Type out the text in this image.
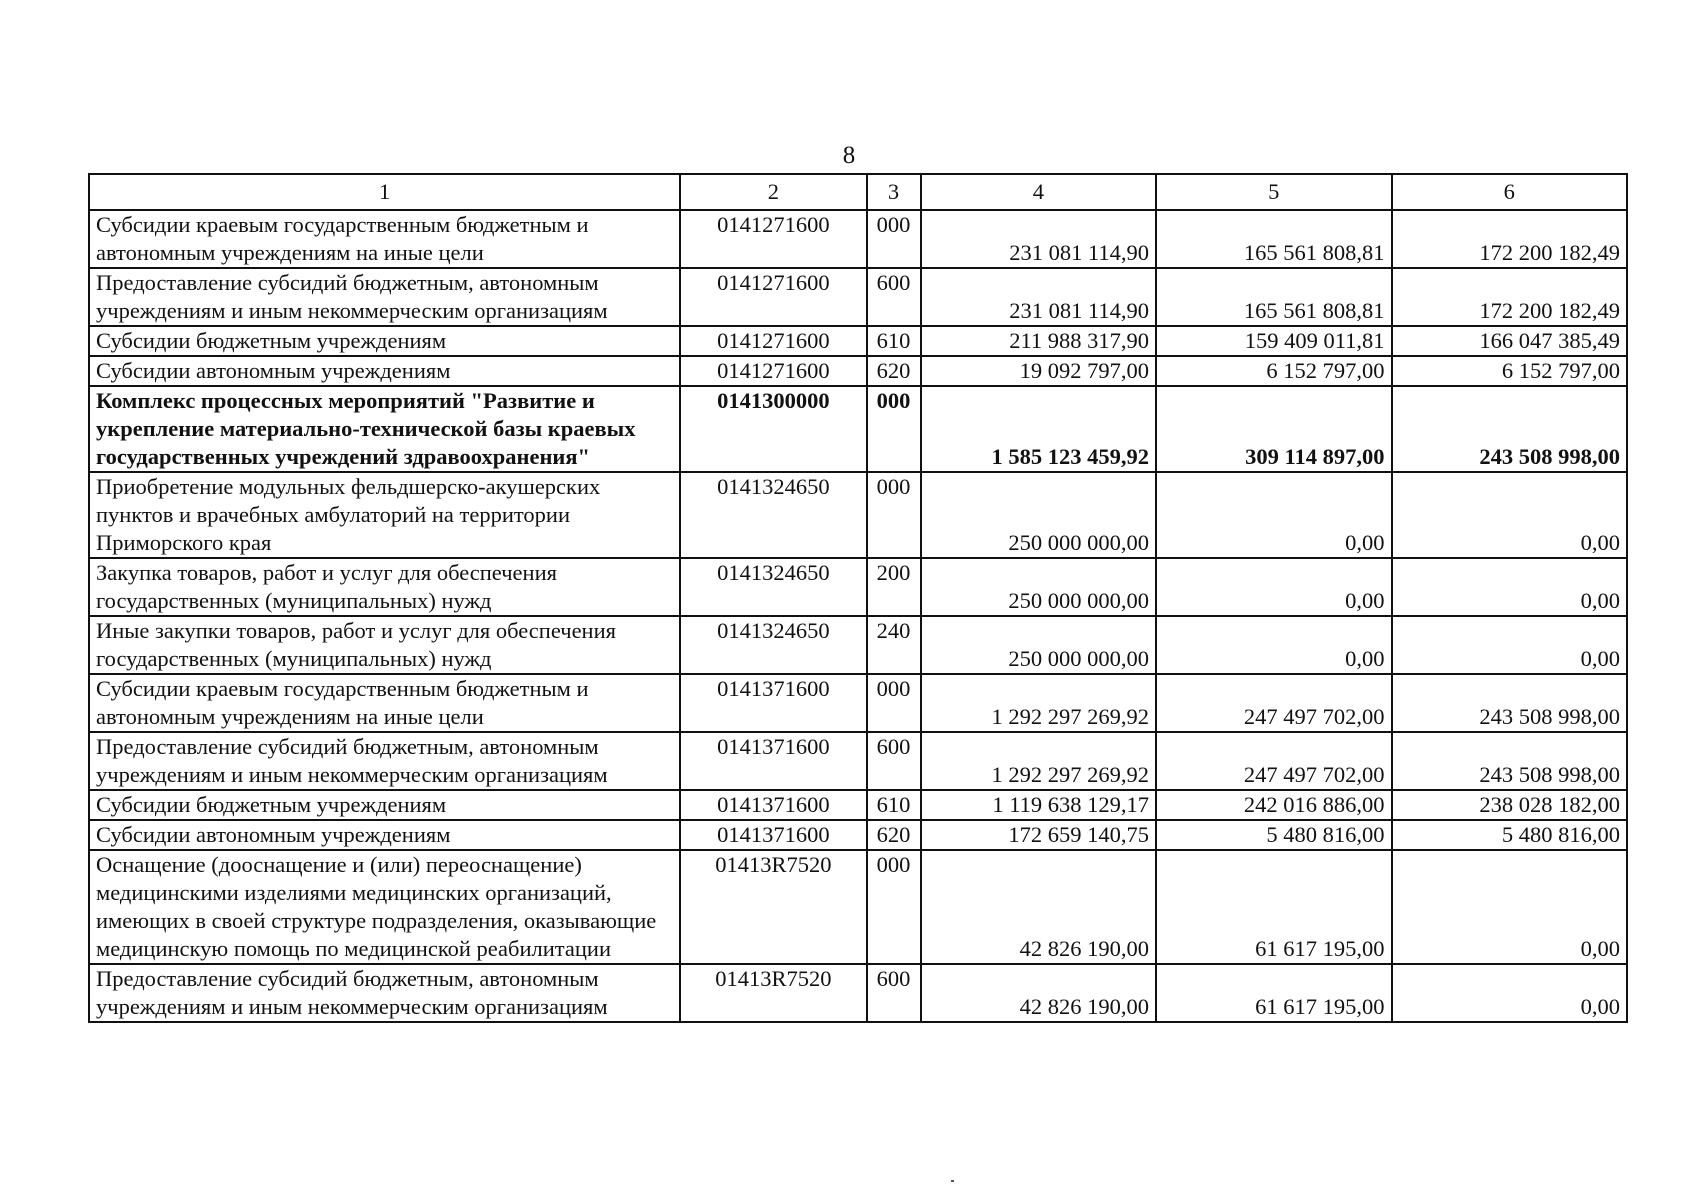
8
1	2	3	4	5	6
Субсидии краевым государственным бюджетным и автономным учреждениям на иные цели	0141271600	000	231 081 114,90	165 561 808,81	172 200 182,49
Предоставление субсидий бюджетным, автономным учреждениям и иным некоммерческим организациям	0141271600	600	231 081 114,90	165 561 808,81	172 200 182,49
Субсидии бюджетным учреждениям	0141271600	610	211 988 317,90	159 409 011,81	166 047 385,49
Субсидии автономным учреждениям	0141271600	620	19 092 797,00	6 152 797,00	6 152 797,00
Комплекс процессных мероприятий "Развитие и укрепление материально-технической базы краевых государственных учреждений здравоохранения"	0141300000	000	1 585 123 459,92	309 114 897,00	243 508 998,00
Приобретение модульных фельдшерско-акушерских пунктов и врачебных амбулаторий на территории Приморского края	0141324650	000	250 000 000,00	0,00	0,00
Закупка товаров, работ и услуг для обеспечения государственных (муниципальных) нужд	0141324650	200	250 000 000,00	0,00	0,00
Иные закупки товаров, работ и услуг для обеспечения государственных (муниципальных) нужд	0141324650	240	250 000 000,00	0,00	0,00
Субсидии краевым государственным бюджетным и автономным учреждениям на иные цели	0141371600	000	1 292 297 269,92	247 497 702,00	243 508 998,00
Предоставление субсидий бюджетным, автономным учреждениям и иным некоммерческим организациям	0141371600	600	1 292 297 269,92	247 497 702,00	243 508 998,00
Субсидии бюджетным учреждениям	0141371600	610	1 119 638 129,17	242 016 886,00	238 028 182,00
Субсидии автономным учреждениям	0141371600	620	172 659 140,75	5 480 816,00	5 480 816,00
Оснащение (дооснащение и (или) переоснащение) медицинскими изделиями медицинских организаций, имеющих в своей структуре подразделения, оказывающие медицинскую помощь по медицинской реабилитации	01413R7520	000	42 826 190,00	61 617 195,00	0,00
Предоставление субсидий бюджетным, автономным учреждениям и иным некоммерческим организациям	01413R7520	600	42 826 190,00	61 617 195,00	0,00
